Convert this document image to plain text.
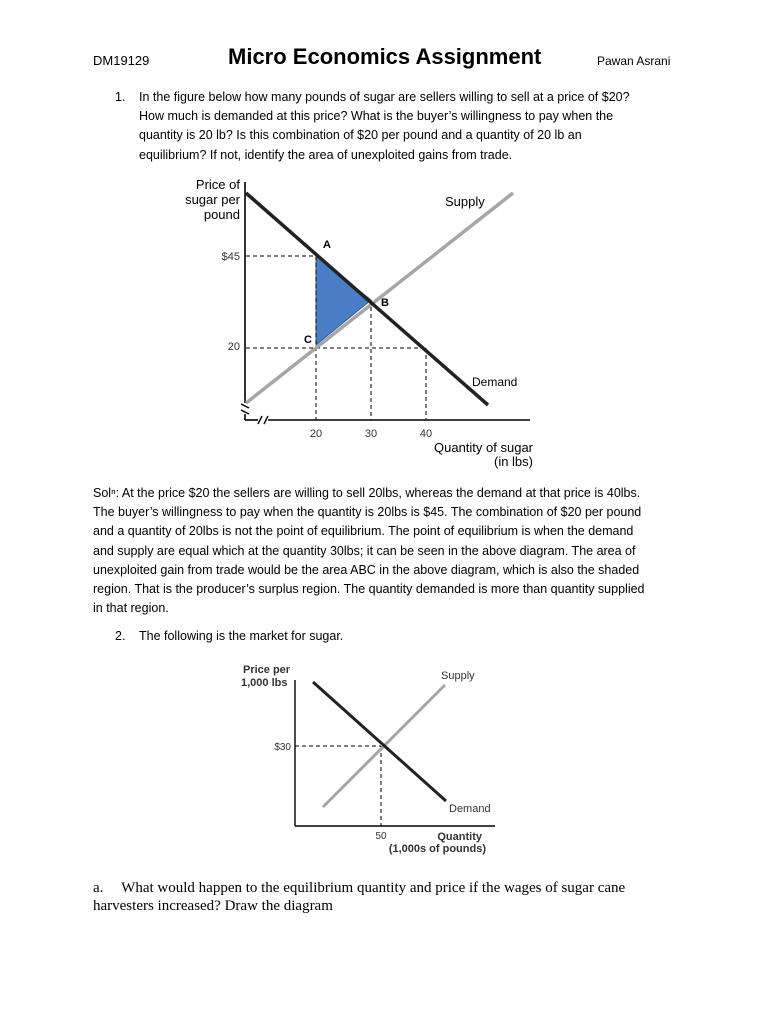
DM19129	Micro Economics Assignment	Pawan Asrani
1. In the figure below how many pounds of sugar are sellers willing to sell at a price of $20?
How much is demanded at this price? What is the buyer’s willingness to pay when the
quantity is 20 lb? Is this combination of $20 per pound and a quantity of 20 lb an
equilibrium? If not, identify the area of unexploited gains from trade.
Price of
sugar per
pound
Supply
Demand
$45
20
20	30	40
A
B
C
Quantity of sugar
(in lbs)
Solⁿ: At the price $20 the sellers are willing to sell 20lbs, whereas the demand at that price is 40lbs.
The buyer’s willingness to pay when the quantity is 20lbs is $45. The combination of $20 per pound
and a quantity of 20lbs is not the point of equilibrium. The point of equilibrium is when the demand
and supply are equal which at the quantity 30lbs; it can be seen in the above diagram. The area of
unexploited gain from trade would be the area ABC in the above diagram, which is also the shaded
region. That is the producer’s surplus region. The quantity demanded is more than quantity supplied
in that region.
2. The following is the market for sugar.
Price per
1,000 lbs
Supply
Demand
$30
50	Quantity
(1,000s of pounds)
a. What would happen to the equilibrium quantity and price if the wages of sugar cane
harvesters increased? Draw the diagram
